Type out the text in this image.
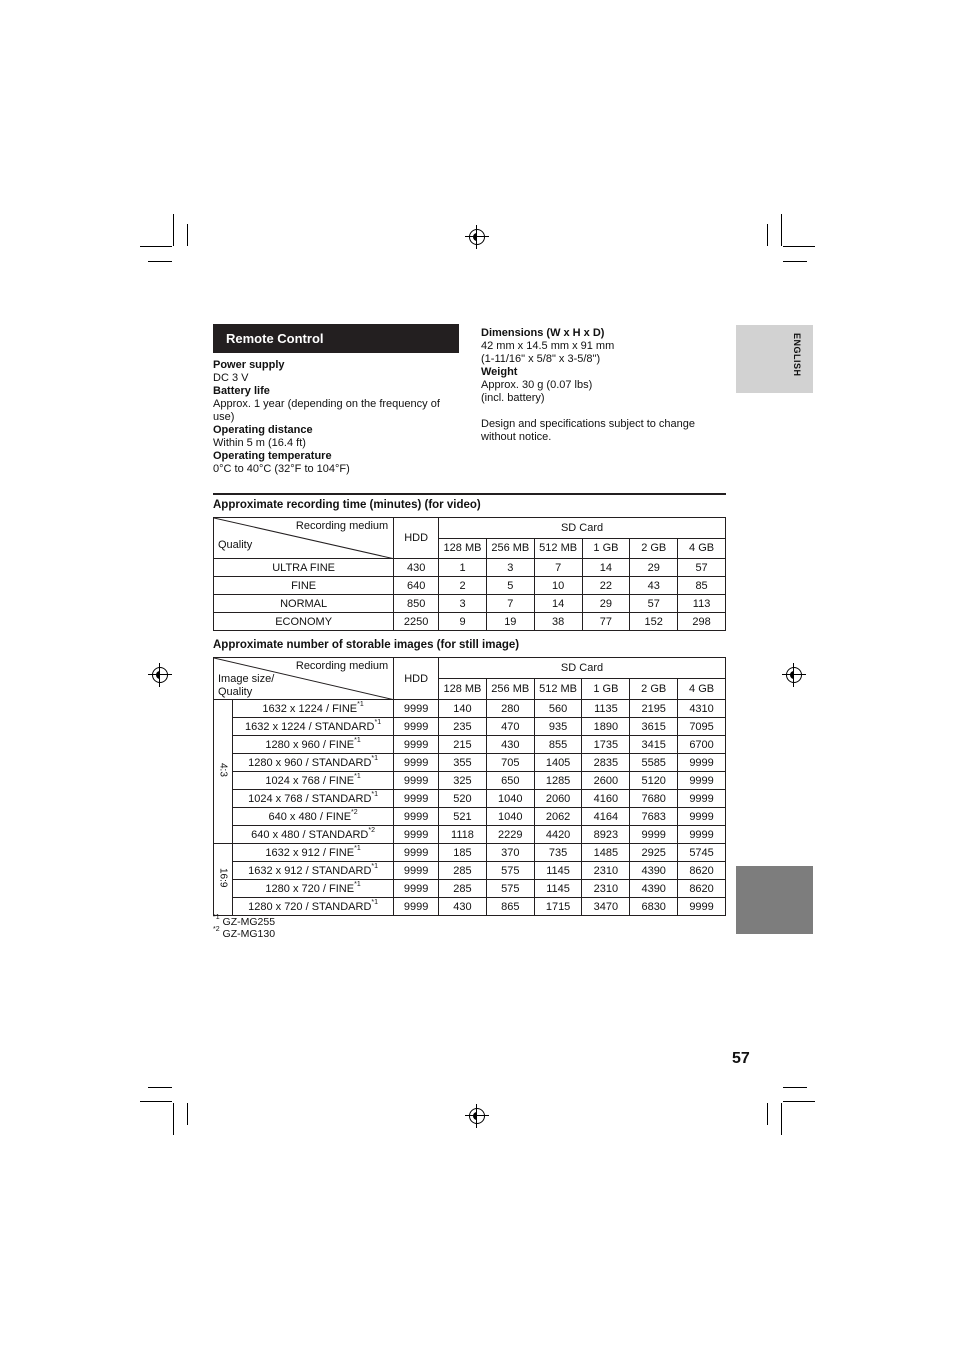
ENGLISH
Remote Control
Power supply
DC 3 V
Battery life
Approx. 1 year (depending on the frequency of use)
Operating distance
Within 5 m (16.4 ft)
Operating temperature
0°C to 40°C (32°F to 104°F)
Dimensions (W x H x D)
42 mm x 14.5 mm x 91 mm
(1-11/16" x 5/8" x 3-5/8")
Weight
Approx. 30 g (0.07 lbs)
(incl. battery)
Design and specifications subject to change without notice.
Approximate recording time (minutes) (for video)
Recording medium
Quality	HDD	SD Card					
		128 MB	256 MB	512 MB	1 GB	2 GB	4 GB
ULTRA FINE	430	1	3	7	14	29	57
FINE	640	2	5	10	22	43	85
NORMAL	850	3	7	14	29	57	113
ECONOMY	2250	9	19	38	77	152	298
Approximate number of storable images (for still image)
Recording medium
Image size/
Quality		HDD	SD Card					
			128 MB	256 MB	512 MB	1 GB	2 GB	4 GB
4:3	1632 x 1224 / FINE$^{*1}$	9999	140	280	560	1135	2195	4310
	1632 x 1224 / STANDARD$^{*1}$	9999	235	470	935	1890	3615	7095
	1280 x 960 / FINE$^{*1}$	9999	215	430	855	1735	3415	6700
	1280 x 960 / STANDARD$^{*1}$	9999	355	705	1405	2835	5585	9999
	1024 x 768 / FINE$^{*1}$	9999	325	650	1285	2600	5120	9999
	1024 x 768 / STANDARD$^{*1}$	9999	520	1040	2060	4160	7680	9999
	640 x 480 / FINE$^{*2}$	9999	521	1040	2062	4164	7683	9999
	640 x 480 / STANDARD$^{*2}$	9999	1118	2229	4420	8923	9999	9999
16:9	1632 x 912 / FINE$^{*1}$	9999	185	370	735	1485	2925	5745
	1632 x 912 / STANDARD$^{*1}$	9999	285	575	1145	2310	4390	8620
	1280 x 720 / FINE$^{*1}$	9999	285	575	1145	2310	4390	8620
	1280 x 720 / STANDARD$^{*1}$	9999	430	865	1715	3470	6830	9999
$^{*1}$ GZ-MG255
$^{*2}$ GZ-MG130
57
